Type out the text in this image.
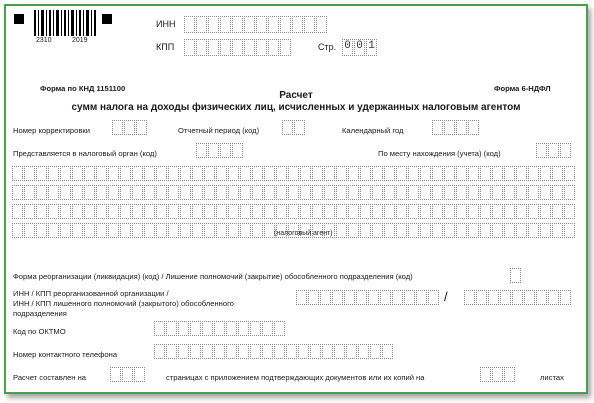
2310	2019
ИНН
КПП	Стр. 0 0 1
Форма по КНД 1151100	Форма 6-НДФЛ
Расчет
сумм налога на доходы физических лиц, исчисленных и удержанных налоговым агентом
Номер корректировки	Отчетный период (код)	Календарный год
Представляется в налоговый орган (код)	По месту нахождения (учета) (код)
(налоговый агент)
Форма реорганизации (ликвидация) (код) / Лишение полномочий (закрытие) обособленного подразделения (код)
ИНН / КПП реорганизованной организации /
ИНН / КПП лишенного полномочий (закрытого) обособленного
подразделения
/
Код по ОКТМО
Номер контактного телефона
Расчет составлен на	страницах с приложением подтверждающих документов или их копий на	листах
